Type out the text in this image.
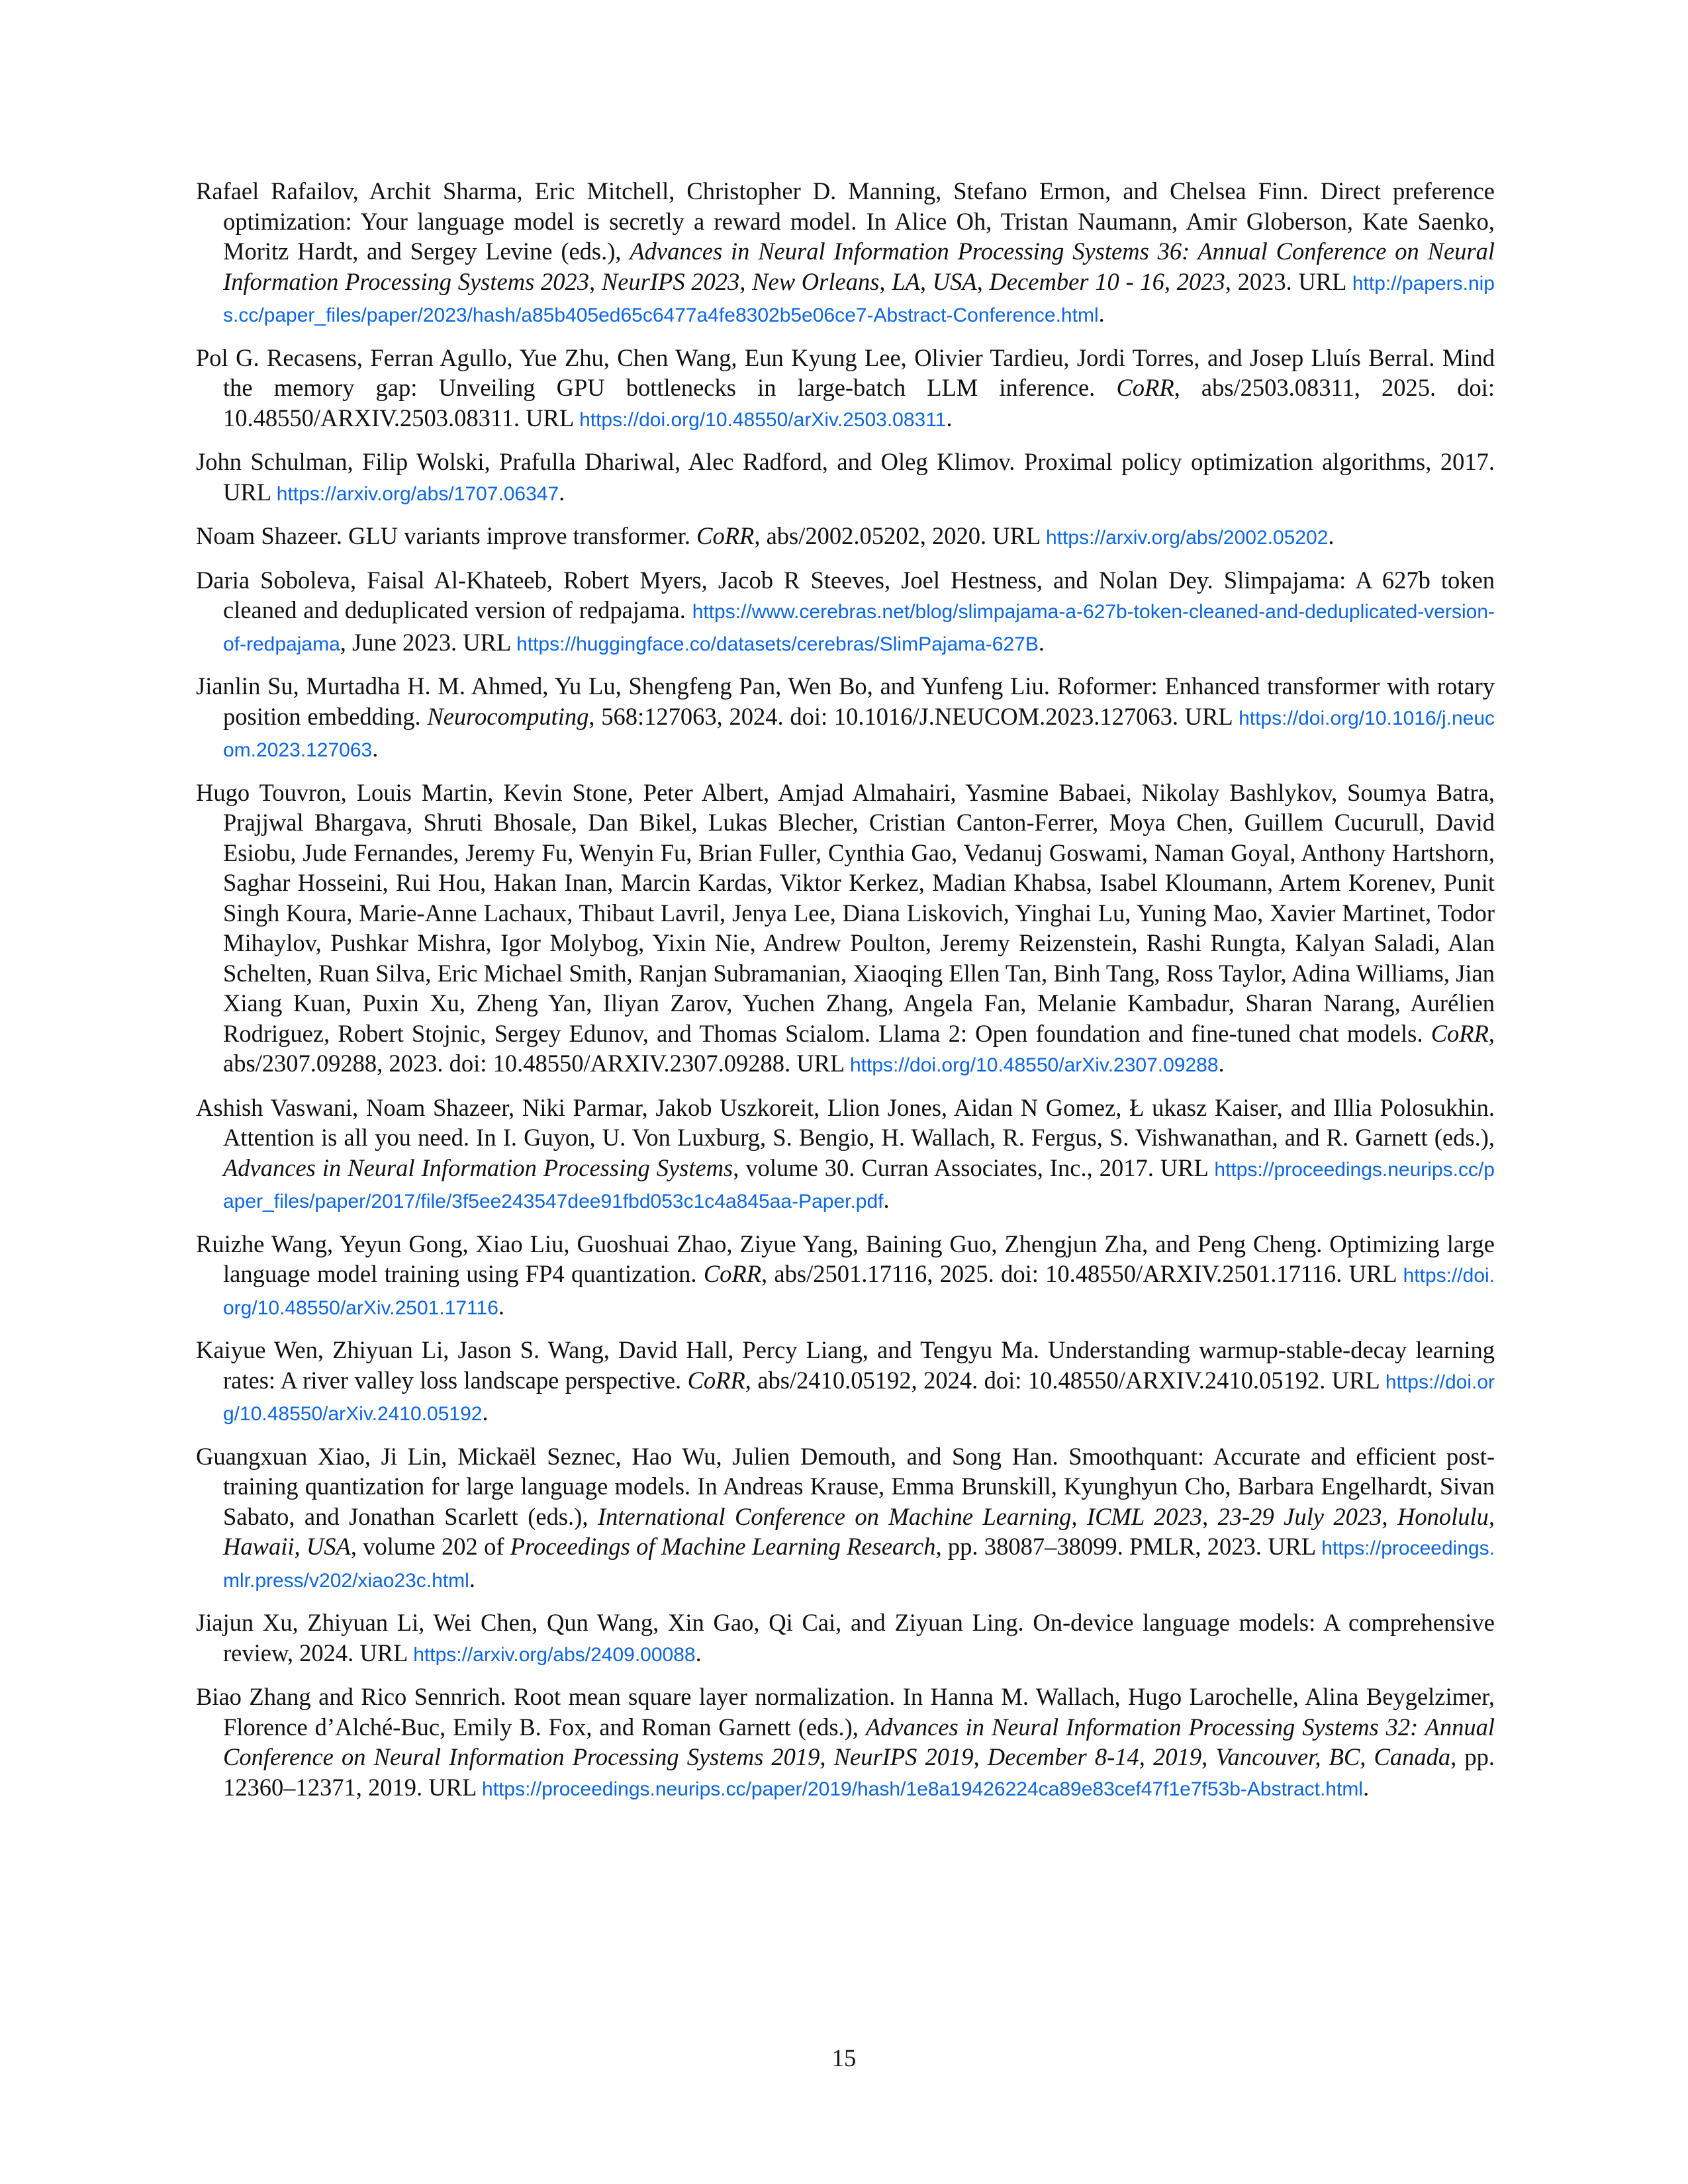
Rafael Rafailov, Archit Sharma, Eric Mitchell, Christopher D. Manning, Stefano Ermon, and Chelsea Finn. Direct preference optimization: Your language model is secretly a reward model. In Alice Oh, Tristan Naumann, Amir Globerson, Kate Saenko, Moritz Hardt, and Sergey Levine (eds.), Advances in Neural Information Processing Systems 36: Annual Conference on Neural Information Processing Systems 2023, NeurIPS 2023, New Orleans, LA, USA, December 10 - 16, 2023, 2023. URL http://papers.nips.cc/paper_files/paper/2023/hash/a85b405ed65c6477a4fe8302b5e06ce7-Abstract-Conference.html.

Pol G. Recasens, Ferran Agullo, Yue Zhu, Chen Wang, Eun Kyung Lee, Olivier Tardieu, Jordi Torres, and Josep Lluís Berral. Mind the memory gap: Unveiling GPU bottlenecks in large-batch LLM inference. CoRR, abs/2503.08311, 2025. doi: 10.48550/ARXIV.2503.08311. URL https://doi.org/10.48550/arXiv.2503.08311.

John Schulman, Filip Wolski, Prafulla Dhariwal, Alec Radford, and Oleg Klimov. Proximal policy optimization algorithms, 2017. URL https://arxiv.org/abs/1707.06347.

Noam Shazeer. GLU variants improve transformer. CoRR, abs/2002.05202, 2020. URL https://arxiv.org/abs/2002.05202.

Daria Soboleva, Faisal Al-Khateeb, Robert Myers, Jacob R Steeves, Joel Hestness, and Nolan Dey. Slimpajama: A 627b token cleaned and deduplicated version of redpajama. https://www.cerebras.net/blog/slimpajama-a-627b-token-cleaned-and-deduplicated-version-of-redpajama, June 2023. URL https://huggingface.co/datasets/cerebras/SlimPajama-627B.

Jianlin Su, Murtadha H. M. Ahmed, Yu Lu, Shengfeng Pan, Wen Bo, and Yunfeng Liu. Roformer: Enhanced transformer with rotary position embedding. Neurocomputing, 568:127063, 2024. doi: 10.1016/J.NEUCOM.2023.127063. URL https://doi.org/10.1016/j.neucom.2023.127063.

Hugo Touvron, Louis Martin, Kevin Stone, Peter Albert, Amjad Almahairi, Yasmine Babaei, Nikolay Bashlykov, Soumya Batra, Prajjwal Bhargava, Shruti Bhosale, Dan Bikel, Lukas Blecher, Cristian Canton-Ferrer, Moya Chen, Guillem Cucurull, David Esiobu, Jude Fernandes, Jeremy Fu, Wenyin Fu, Brian Fuller, Cynthia Gao, Vedanuj Goswami, Naman Goyal, Anthony Hartshorn, Saghar Hosseini, Rui Hou, Hakan Inan, Marcin Kardas, Viktor Kerkez, Madian Khabsa, Isabel Kloumann, Artem Korenev, Punit Singh Koura, Marie-Anne Lachaux, Thibaut Lavril, Jenya Lee, Diana Liskovich, Yinghai Lu, Yuning Mao, Xavier Martinet, Todor Mihaylov, Pushkar Mishra, Igor Molybog, Yixin Nie, Andrew Poulton, Jeremy Reizenstein, Rashi Rungta, Kalyan Saladi, Alan Schelten, Ruan Silva, Eric Michael Smith, Ranjan Subramanian, Xiaoqing Ellen Tan, Binh Tang, Ross Taylor, Adina Williams, Jian Xiang Kuan, Puxin Xu, Zheng Yan, Iliyan Zarov, Yuchen Zhang, Angela Fan, Melanie Kambadur, Sharan Narang, Aurélien Rodriguez, Robert Stojnic, Sergey Edunov, and Thomas Scialom. Llama 2: Open foundation and fine-tuned chat models. CoRR, abs/2307.09288, 2023. doi: 10.48550/ARXIV.2307.09288. URL https://doi.org/10.48550/arXiv.2307.09288.

Ashish Vaswani, Noam Shazeer, Niki Parmar, Jakob Uszkoreit, Llion Jones, Aidan N Gomez, Ł ukasz Kaiser, and Illia Polosukhin. Attention is all you need. In I. Guyon, U. Von Luxburg, S. Bengio, H. Wallach, R. Fergus, S. Vishwanathan, and R. Garnett (eds.), Advances in Neural Information Processing Systems, volume 30. Curran Associates, Inc., 2017. URL https://proceedings.neurips.cc/paper_files/paper/2017/file/3f5ee243547dee91fbd053c1c4a845aa-Paper.pdf.

Ruizhe Wang, Yeyun Gong, Xiao Liu, Guoshuai Zhao, Ziyue Yang, Baining Guo, Zhengjun Zha, and Peng Cheng. Optimizing large language model training using FP4 quantization. CoRR, abs/2501.17116, 2025. doi: 10.48550/ARXIV.2501.17116. URL https://doi.org/10.48550/arXiv.2501.17116.

Kaiyue Wen, Zhiyuan Li, Jason S. Wang, David Hall, Percy Liang, and Tengyu Ma. Understanding warmup-stable-decay learning rates: A river valley loss landscape perspective. CoRR, abs/2410.05192, 2024. doi: 10.48550/ARXIV.2410.05192. URL https://doi.org/10.48550/arXiv.2410.05192.

Guangxuan Xiao, Ji Lin, Mickaël Seznec, Hao Wu, Julien Demouth, and Song Han. Smoothquant: Accurate and efficient post-training quantization for large language models. In Andreas Krause, Emma Brunskill, Kyunghyun Cho, Barbara Engelhardt, Sivan Sabato, and Jonathan Scarlett (eds.), International Conference on Machine Learning, ICML 2023, 23-29 July 2023, Honolulu, Hawaii, USA, volume 202 of Proceedings of Machine Learning Research, pp. 38087–38099. PMLR, 2023. URL https://proceedings.mlr.press/v202/xiao23c.html.

Jiajun Xu, Zhiyuan Li, Wei Chen, Qun Wang, Xin Gao, Qi Cai, and Ziyuan Ling. On-device language models: A comprehensive review, 2024. URL https://arxiv.org/abs/2409.00088.

Biao Zhang and Rico Sennrich. Root mean square layer normalization. In Hanna M. Wallach, Hugo Larochelle, Alina Beygelzimer, Florence d’Alché-Buc, Emily B. Fox, and Roman Garnett (eds.), Advances in Neural Information Processing Systems 32: Annual Conference on Neural Information Processing Systems 2019, NeurIPS 2019, December 8-14, 2019, Vancouver, BC, Canada, pp. 12360–12371, 2019. URL https://proceedings.neurips.cc/paper/2019/hash/1e8a19426224ca89e83cef47f1e7f53b-Abstract.html.

15
